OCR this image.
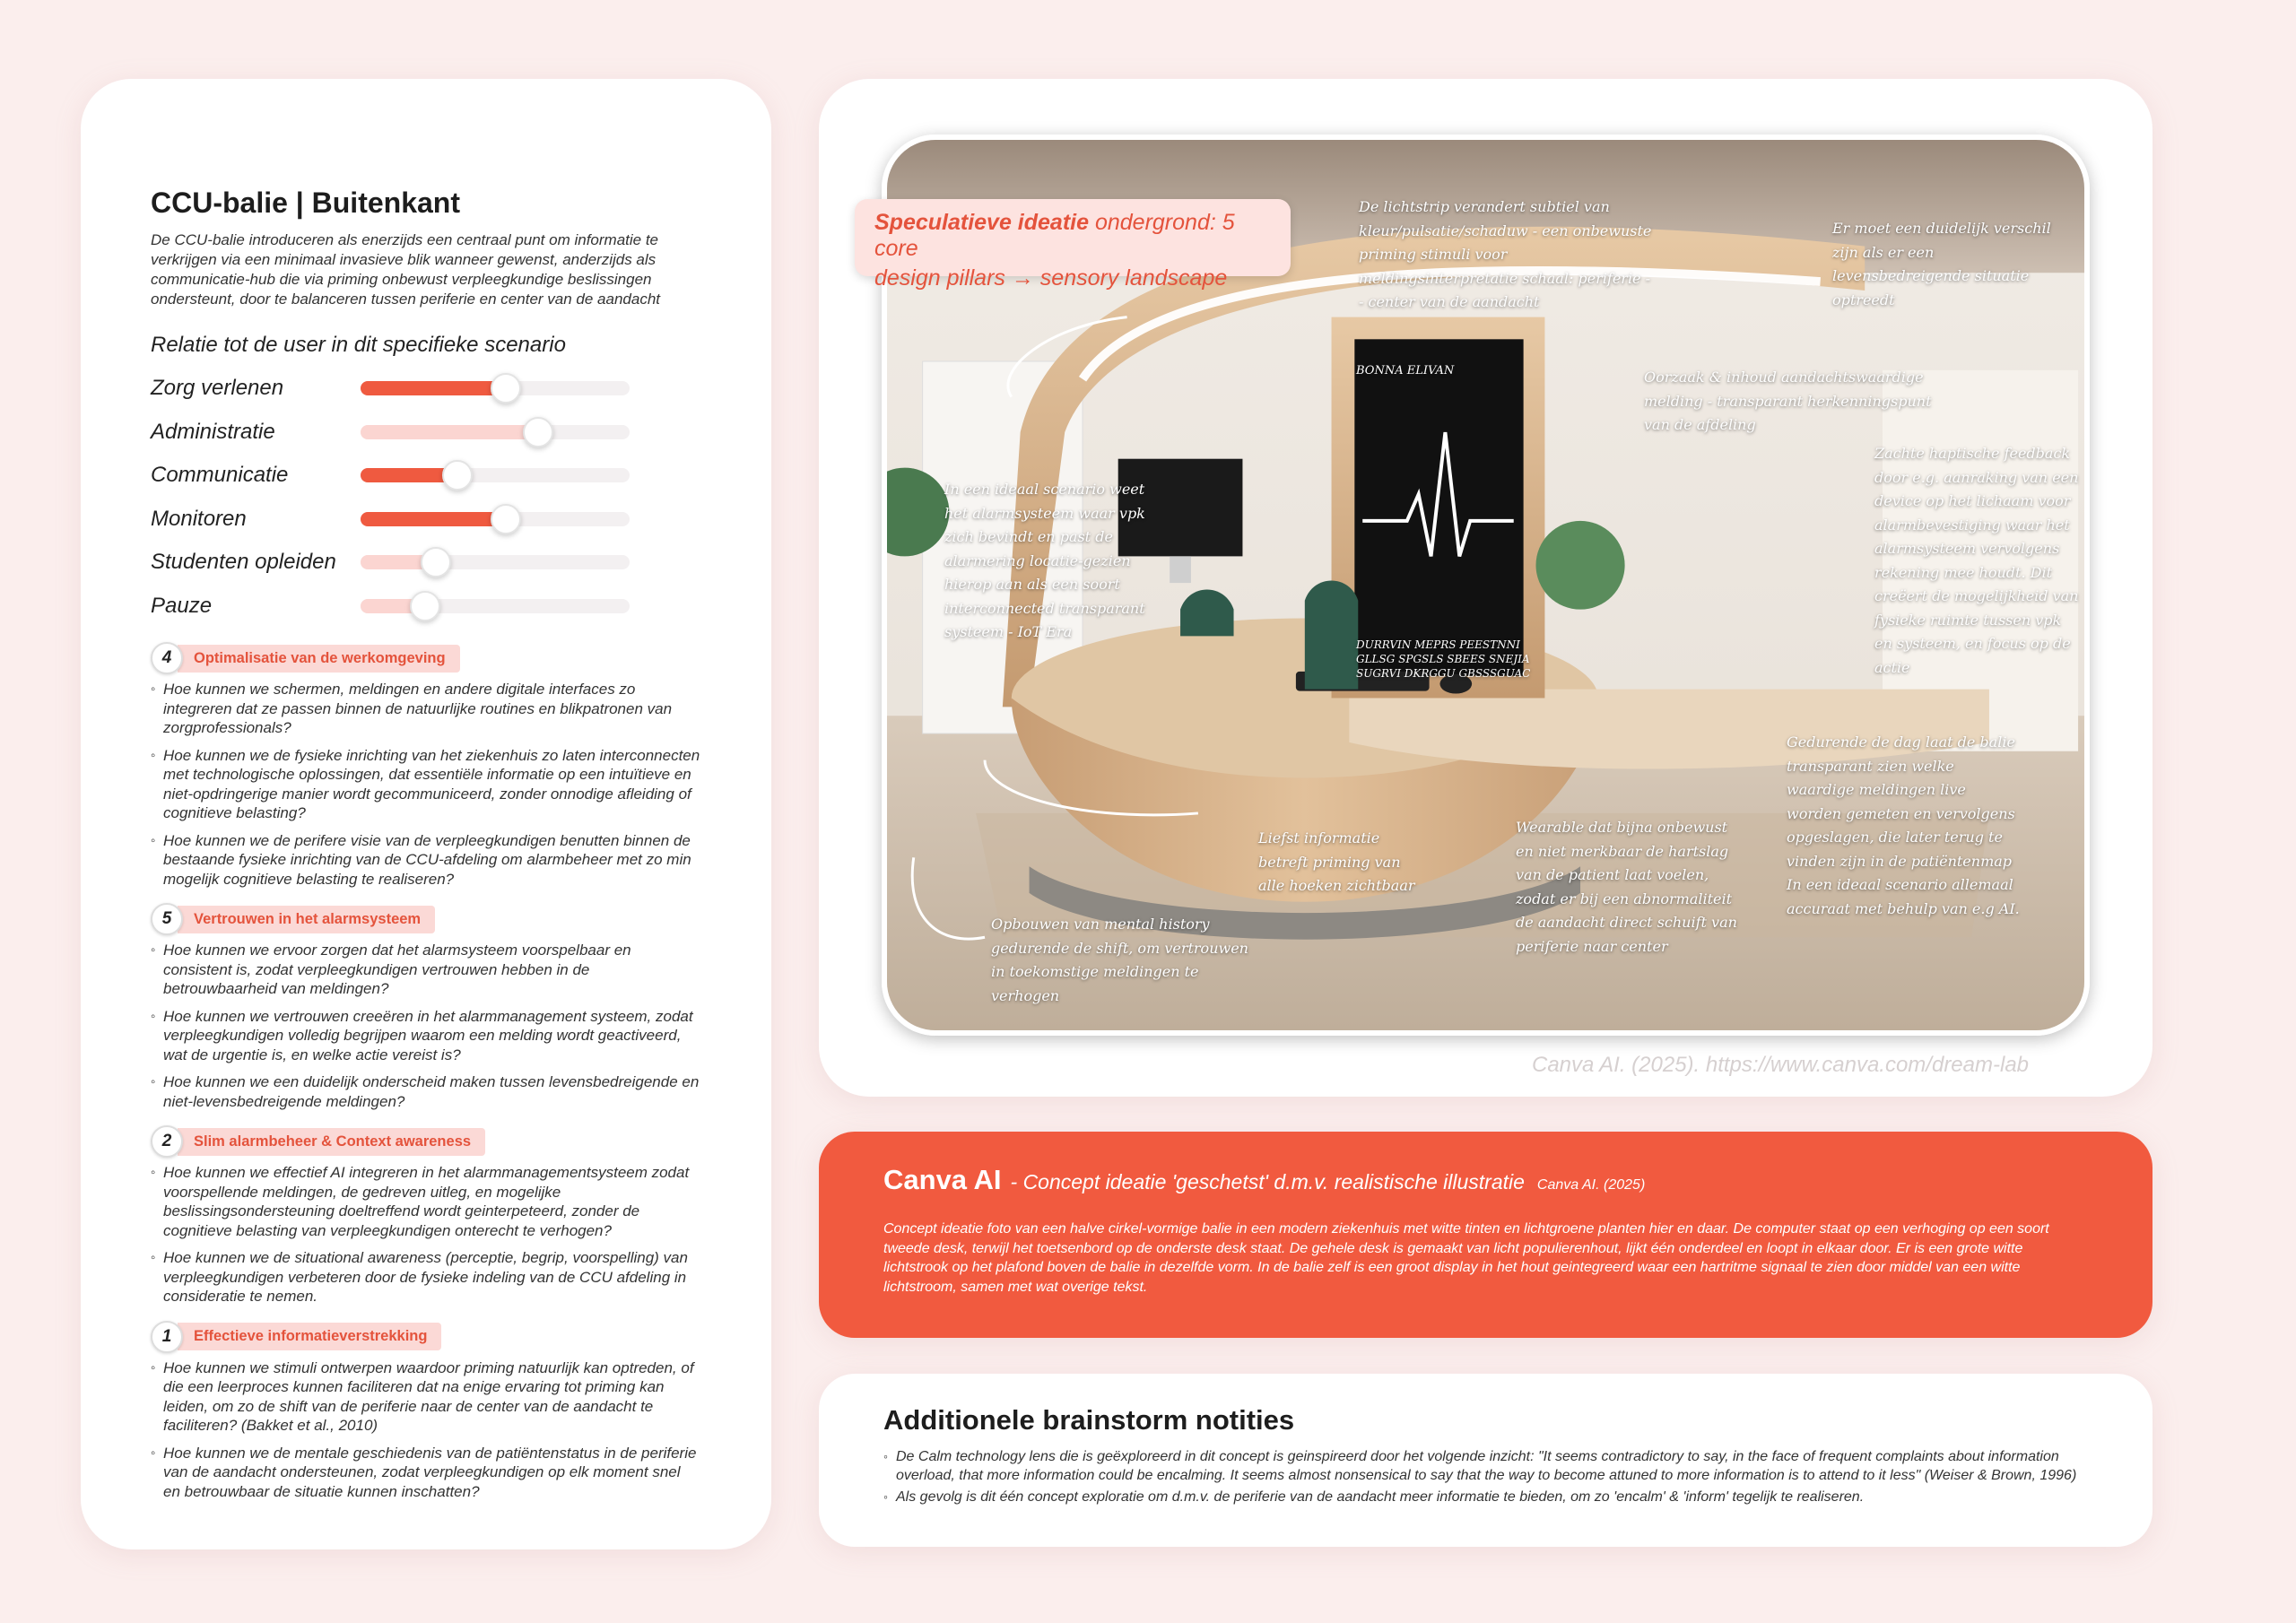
CCU-balie | Buitenkant

De CCU-balie introduceren als enerzijds een centraal punt om informatie te verkrijgen via een minimaal invasieve blik wanneer gewenst, anderzijds als communicatie-hub die via priming onbewust verpleegkundige beslissingen ondersteunt, door te balanceren tussen periferie en center van de aandacht

Relatie tot de user in dit specifieke scenario
Zorg verlenen
Administratie
Communicatie
Monitoren
Studenten opleiden
Pauze
4	Optimalisatie van de werkomgeving
◦ Hoe kunnen we schermen, meldingen en andere digitale interfaces zo integreren dat ze passen binnen de natuurlijke routines en blikpatronen van zorgprofessionals?
◦ Hoe kunnen we de fysieke inrichting van het ziekenhuis zo laten interconnecten met technologische oplossingen, dat essentiële informatie op een intuïtieve en niet-opdringerige manier wordt gecommuniceerd, zonder onnodige afleiding of cognitieve belasting?
◦ Hoe kunnen we de perifere visie van de verpleegkundigen benutten binnen de bestaande fysieke inrichting van de CCU-afdeling om alarmbeheer met zo min mogelijk cognitieve belasting te realiseren?
5	Vertrouwen in het alarmsysteem
◦ Hoe kunnen we ervoor zorgen dat het alarmsysteem voorspelbaar en consistent is, zodat verpleegkundigen vertrouwen hebben in de betrouwbaarheid van meldingen?
◦ Hoe kunnen we vertrouwen creeëren in het alarmmanagement systeem, zodat verpleegkundigen volledig begrijpen waarom een melding wordt geactiveerd, wat de urgentie is, en welke actie vereist is?
◦ Hoe kunnen we een duidelijk onderscheid maken tussen levensbedreigende en niet-levensbedreigende meldingen?
2	Slim alarmbeheer & Context awareness
◦ Hoe kunnen we effectief AI integreren in het alarmmanagementsysteem zodat voorspellende meldingen, de gedreven uitleg, en mogelijke beslissingsondersteuning doeltreffend wordt geinterpeteerd, zonder de cognitieve belasting van verpleegkundigen onterecht te verhogen?
◦ Hoe kunnen we de situational awareness (perceptie, begrip, voorspelling) van verpleegkundigen verbeteren door de fysieke indeling van de CCU afdeling in consideratie te nemen.
1	Effectieve informatieverstrekking
◦ Hoe kunnen we stimuli ontwerpen waardoor priming natuurlijk kan optreden, of die een leerproces kunnen faciliteren dat na enige ervaring tot priming kan leiden, om zo de shift van de periferie naar de center van de aandacht te faciliteren? (Bakket et al., 2010)
◦ Hoe kunnen we de mentale geschiedenis van de patiëntenstatus in de periferie van de aandacht ondersteunen, zodat verpleegkundigen op elk moment snel en betrouwbaar de situatie kunnen inschatten?
BONNA ELIVAN
DURRVIN MEPRS PEESTNNI
GLLSG SPGSLS SBEES SNEJIA
SUGRVI DKRGGU GBSSSGUAC
De lichtstrip verandert subtiel van kleur/pulsatie/schaduw - een onbewuste priming stimuli voor meldingsinterpretatie schaal: periferie -- center van de aandacht
Er moet een duidelijk verschil zijn als er een levensbedreigende situatie optreedt
Oorzaak & inhoud aandachtswaardige melding - transparant herkenningspunt van de afdeling
In een ideaal scenario weet het alarmsysteem waar vpk zich bevindt en past de alarmering locatie-gezien hierop aan als een soort interconnected transparant systeem - IoT Era
Zachte haptische feedback door e.g. aanraking van een device op het lichaam voor alarmbevestiging waar het alarmsysteem vervolgens rekening mee houdt. Dit creëert de mogelijkheid van fysieke ruimte tussen vpk en systeem, en focus op de actie
Gedurende de dag laat de balie transparant zien welke waardige meldingen live worden gemeten en vervolgens opgeslagen, die later terug te vinden zijn in de patiëntenmap In een ideaal scenario allemaal accuraat met behulp van e.g AI.
Liefst informatie betreft priming van alle hoeken zichtbaar
Wearable dat bijna onbewust en niet merkbaar de hartslag van de patient laat voelen, zodat er bij een abnormaliteit de aandacht direct schuift van periferie naar center
Opbouwen van mental history gedurende de shift, om vertrouwen in toekomstige meldingen te verhogen
Speculatieve ideatie ondergrond: 5 core
design pillars → sensory landscape
Canva AI. (2025). https://www.canva.com/dream-lab
Canva AI - Concept ideatie 'geschetst' d.m.v. realistische illustratie Canva AI. (2025)

Concept ideatie foto van een halve cirkel-vormige balie in een modern ziekenhuis met witte tinten en lichtgroene planten hier en daar. De computer staat op een verhoging op een soort tweede desk, terwijl het toetsenbord op de onderste desk staat. De gehele desk is gemaakt van licht populierenhout, lijkt één onderdeel en loopt in elkaar door. Er is een grote witte lichtstrook op het plafond boven de balie in dezelfde vorm. In de balie zelf is een groot display in het hout geintegreerd waar een hartritme signaal te zien door middel van een witte lichtstroom, samen met wat overige tekst.

Additionele brainstorm notities
◦ De Calm technology lens die is geëxploreerd in dit concept is geinspireerd door het volgende inzicht: "It seems contradictory to say, in the face of frequent complaints about information overload, that more information could be encalming. It seems almost nonsensical to say that the way to become attuned to more information is to attend to it less" (Weiser & Brown, 1996)
◦ Als gevolg is dit één concept exploratie om d.m.v. de periferie van de aandacht meer informatie te bieden, om zo 'encalm' & 'inform' tegelijk te realiseren.
